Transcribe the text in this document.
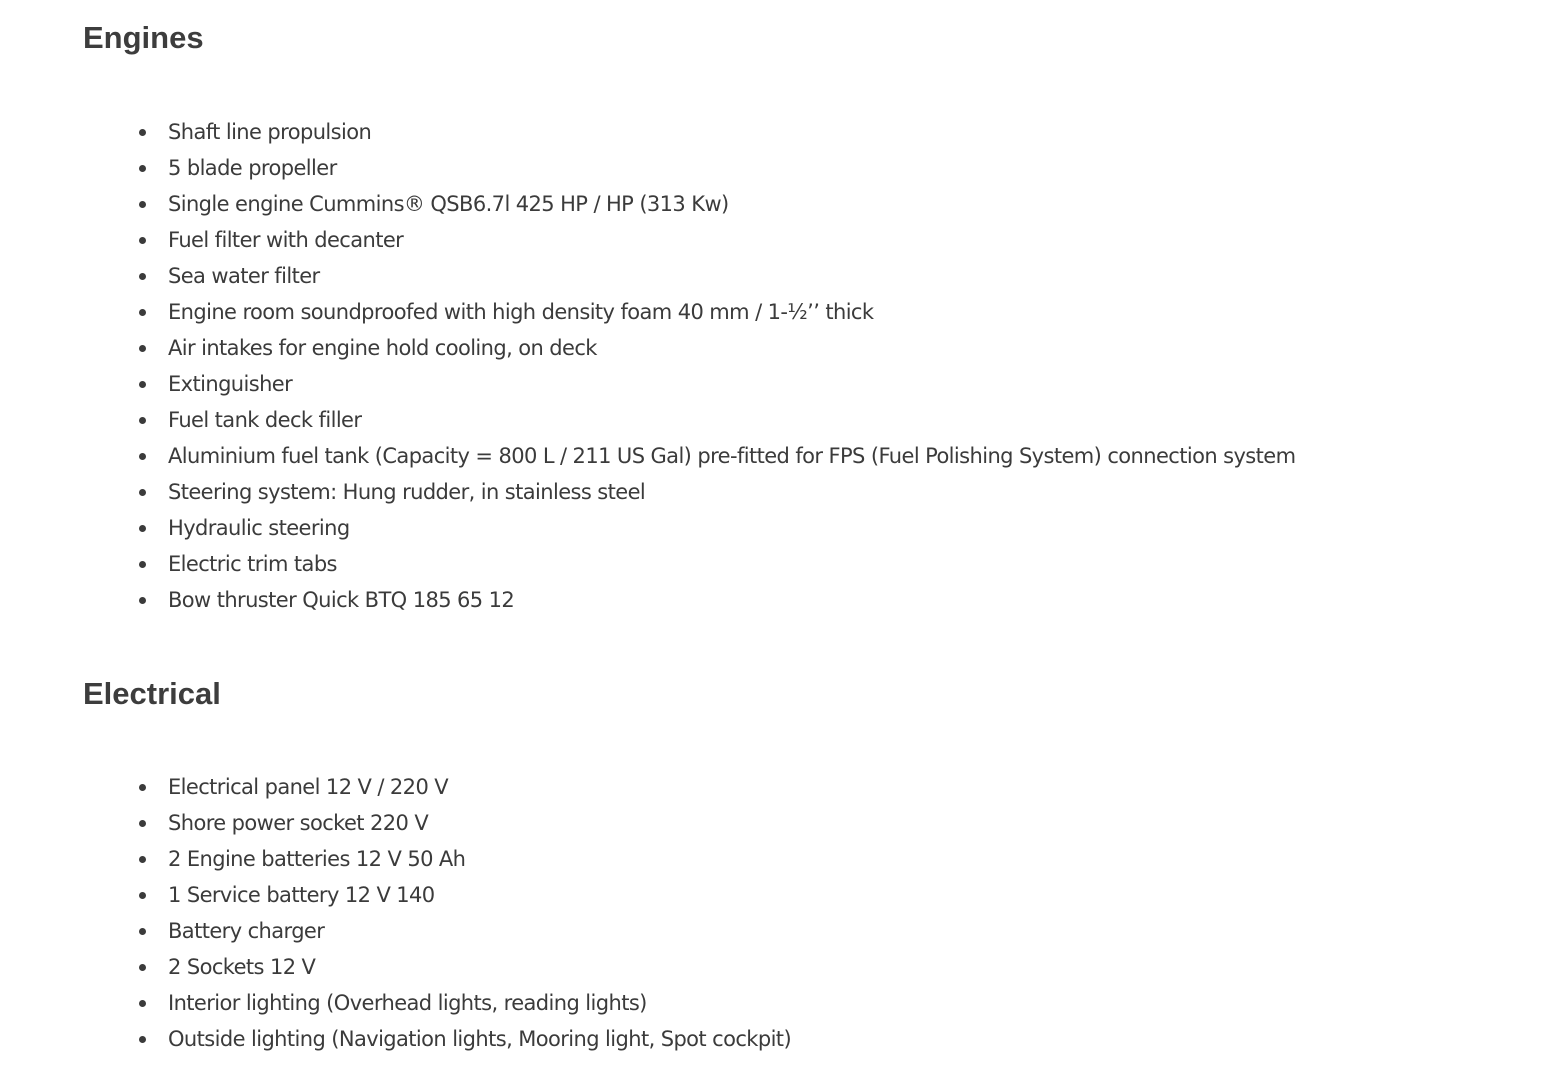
Engines
Shaft line propulsion
5 blade propeller
Single engine Cummins® QSB6.7l 425 HP / HP (313 Kw)
Fuel filter with decanter
Sea water filter
Engine room soundproofed with high density foam 40 mm / 1-½’’ thick
Air intakes for engine hold cooling, on deck
Extinguisher
Fuel tank deck filler
Aluminium fuel tank (Capacity = 800 L / 211 US Gal) pre-fitted for FPS (Fuel Polishing System) connection system
Steering system: Hung rudder, in stainless steel
Hydraulic steering
Electric trim tabs
Bow thruster Quick BTQ 185 65 12
Electrical
Electrical panel 12 V / 220 V
Shore power socket 220 V
2 Engine batteries 12 V 50 Ah
1 Service battery 12 V 140
Battery charger
2 Sockets 12 V
Interior lighting (Overhead lights, reading lights)
Outside lighting (Navigation lights, Mooring light, Spot cockpit)
